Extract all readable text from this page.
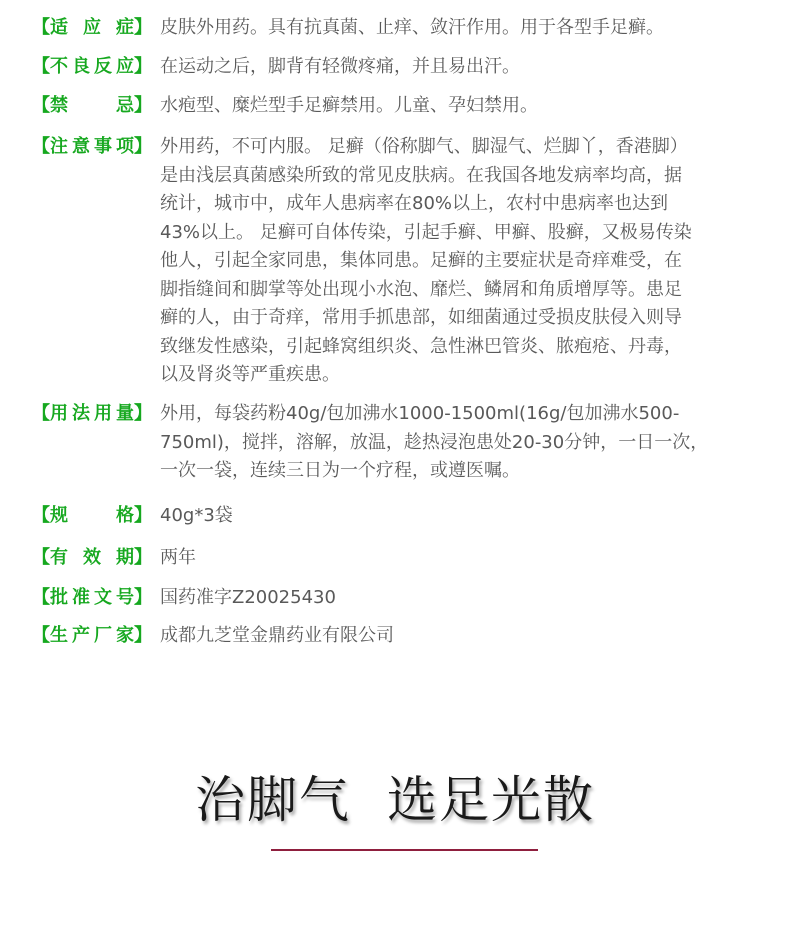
【 适 应 症 】 皮肤外用药。具有抗真菌、止痒、敛汗作用。用于各型手足癣。
【 不 良 反 应 】 在运动之后，脚背有轻微疼痛，并且易出汗。
【 禁	忌 】 水疱型、糜烂型手足癣禁用。儿童、孕妇禁用。
【 注 意 事 项 】 外用药，不可内服。 足癣（俗称脚气、脚湿气、烂脚丫，香港脚）
是由浅层真菌感染所致的常见皮肤病。在我国各地发病率均高，据
统计，城市中，成年人患病率在80%以上，农村中患病率也达到
43%以上。 足癣可自体传染，引起手癣、甲癣、股癣，又极易传染
他人，引起全家同患，集体同患。足癣的主要症状是奇痒难受，在
脚指缝间和脚掌等处出现小水泡、靡烂、鳞屑和角质增厚等。患足
癣的人，由于奇痒，常用手抓患部，如细菌通过受损皮肤侵入则导
致继发性感染，引起蜂窝组织炎、急性淋巴管炎、脓疱疮、丹毒，
以及肾炎等严重疾患。
【 用 法 用 量 】 外用，每袋药粉40g/包加沸水1000-1500ml(16g/包加沸水500-
750ml)，搅拌，溶解，放温，趁热浸泡患处20-30分钟，一日一次，
一次一袋，连续三日为一个疗程，或遵医嘱。
【 规	格 】 40g*3袋
【 有 效 期 】 两年
【 批 准 文 号 】 国药准字Z20025430
【 生 产 厂 家 】 成都九芝堂金鼎药业有限公司
治脚气 选足光散
